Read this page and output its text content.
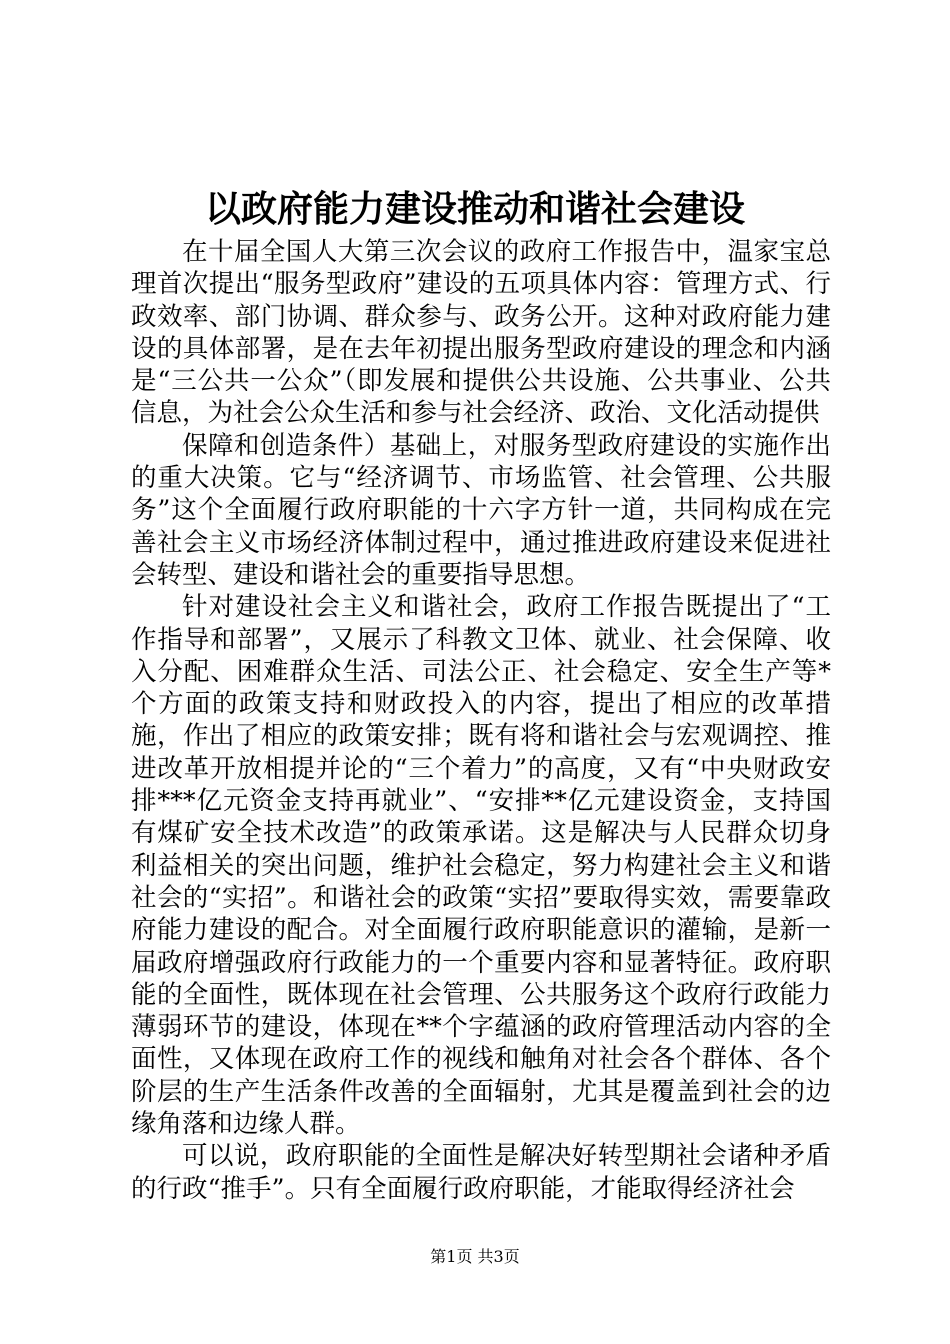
以政府能力建设推动和谐社会建设

在十届全国人大第三次会议的政府工作报告中，温家宝总理首次提出“服务型政府”建设的五项具体内容：管理方式、行政效率、部门协调、群众参与、政务公开。这种对政府能力建设的具体部署，是在去年初提出服务型政府建设的理念和内涵是“三公共一公众”（即发展和提供公共设施、公共事业、公共信息，为社会公众生活和参与社会经济、政治、文化活动提供

保障和创造条件）基础上，对服务型政府建设的实施作出的重大决策。它与“经济调节、市场监管、社会管理、公共服务”这个全面履行政府职能的十六字方针一道，共同构成在完善社会主义市场经济体制过程中，通过推进政府建设来促进社会转型、建设和谐社会的重要指导思想。

针对建设社会主义和谐社会，政府工作报告既提出了“工作指导和部署”，又展示了科教文卫体、就业、社会保障、收入分配、困难群众生活、司法公正、社会稳定、安全生产等*个方面的政策支持和财政投入的内容，提出了相应的改革措施，作出了相应的政策安排；既有将和谐社会与宏观调控、推进改革开放相提并论的“三个着力”的高度，又有“中央财政安排***亿元资金支持再就业”、“安排**亿元建设资金，支持国有煤矿安全技术改造”的政策承诺。这是解决与人民群众切身利益相关的突出问题，维护社会稳定，努力构建社会主义和谐社会的“实招”。和谐社会的政策“实招”要取得实效，需要靠政府能力建设的配合。对全面履行政府职能意识的灌输，是新一届政府增强政府行政能力的一个重要内容和显著特征。政府职能的全面性，既体现在社会管理、公共服务这个政府行政能力薄弱环节的建设，体现在**个字蕴涵的政府管理活动内容的全面性，又体现在政府工作的视线和触角对社会各个群体、各个阶层的生产生活条件改善的全面辐射，尤其是覆盖到社会的边缘角落和边缘人群。

可以说，政府职能的全面性是解决好转型期社会诸种矛盾的行政“推手”。只有全面履行政府职能，才能取得经济社会

第1页 共3页
